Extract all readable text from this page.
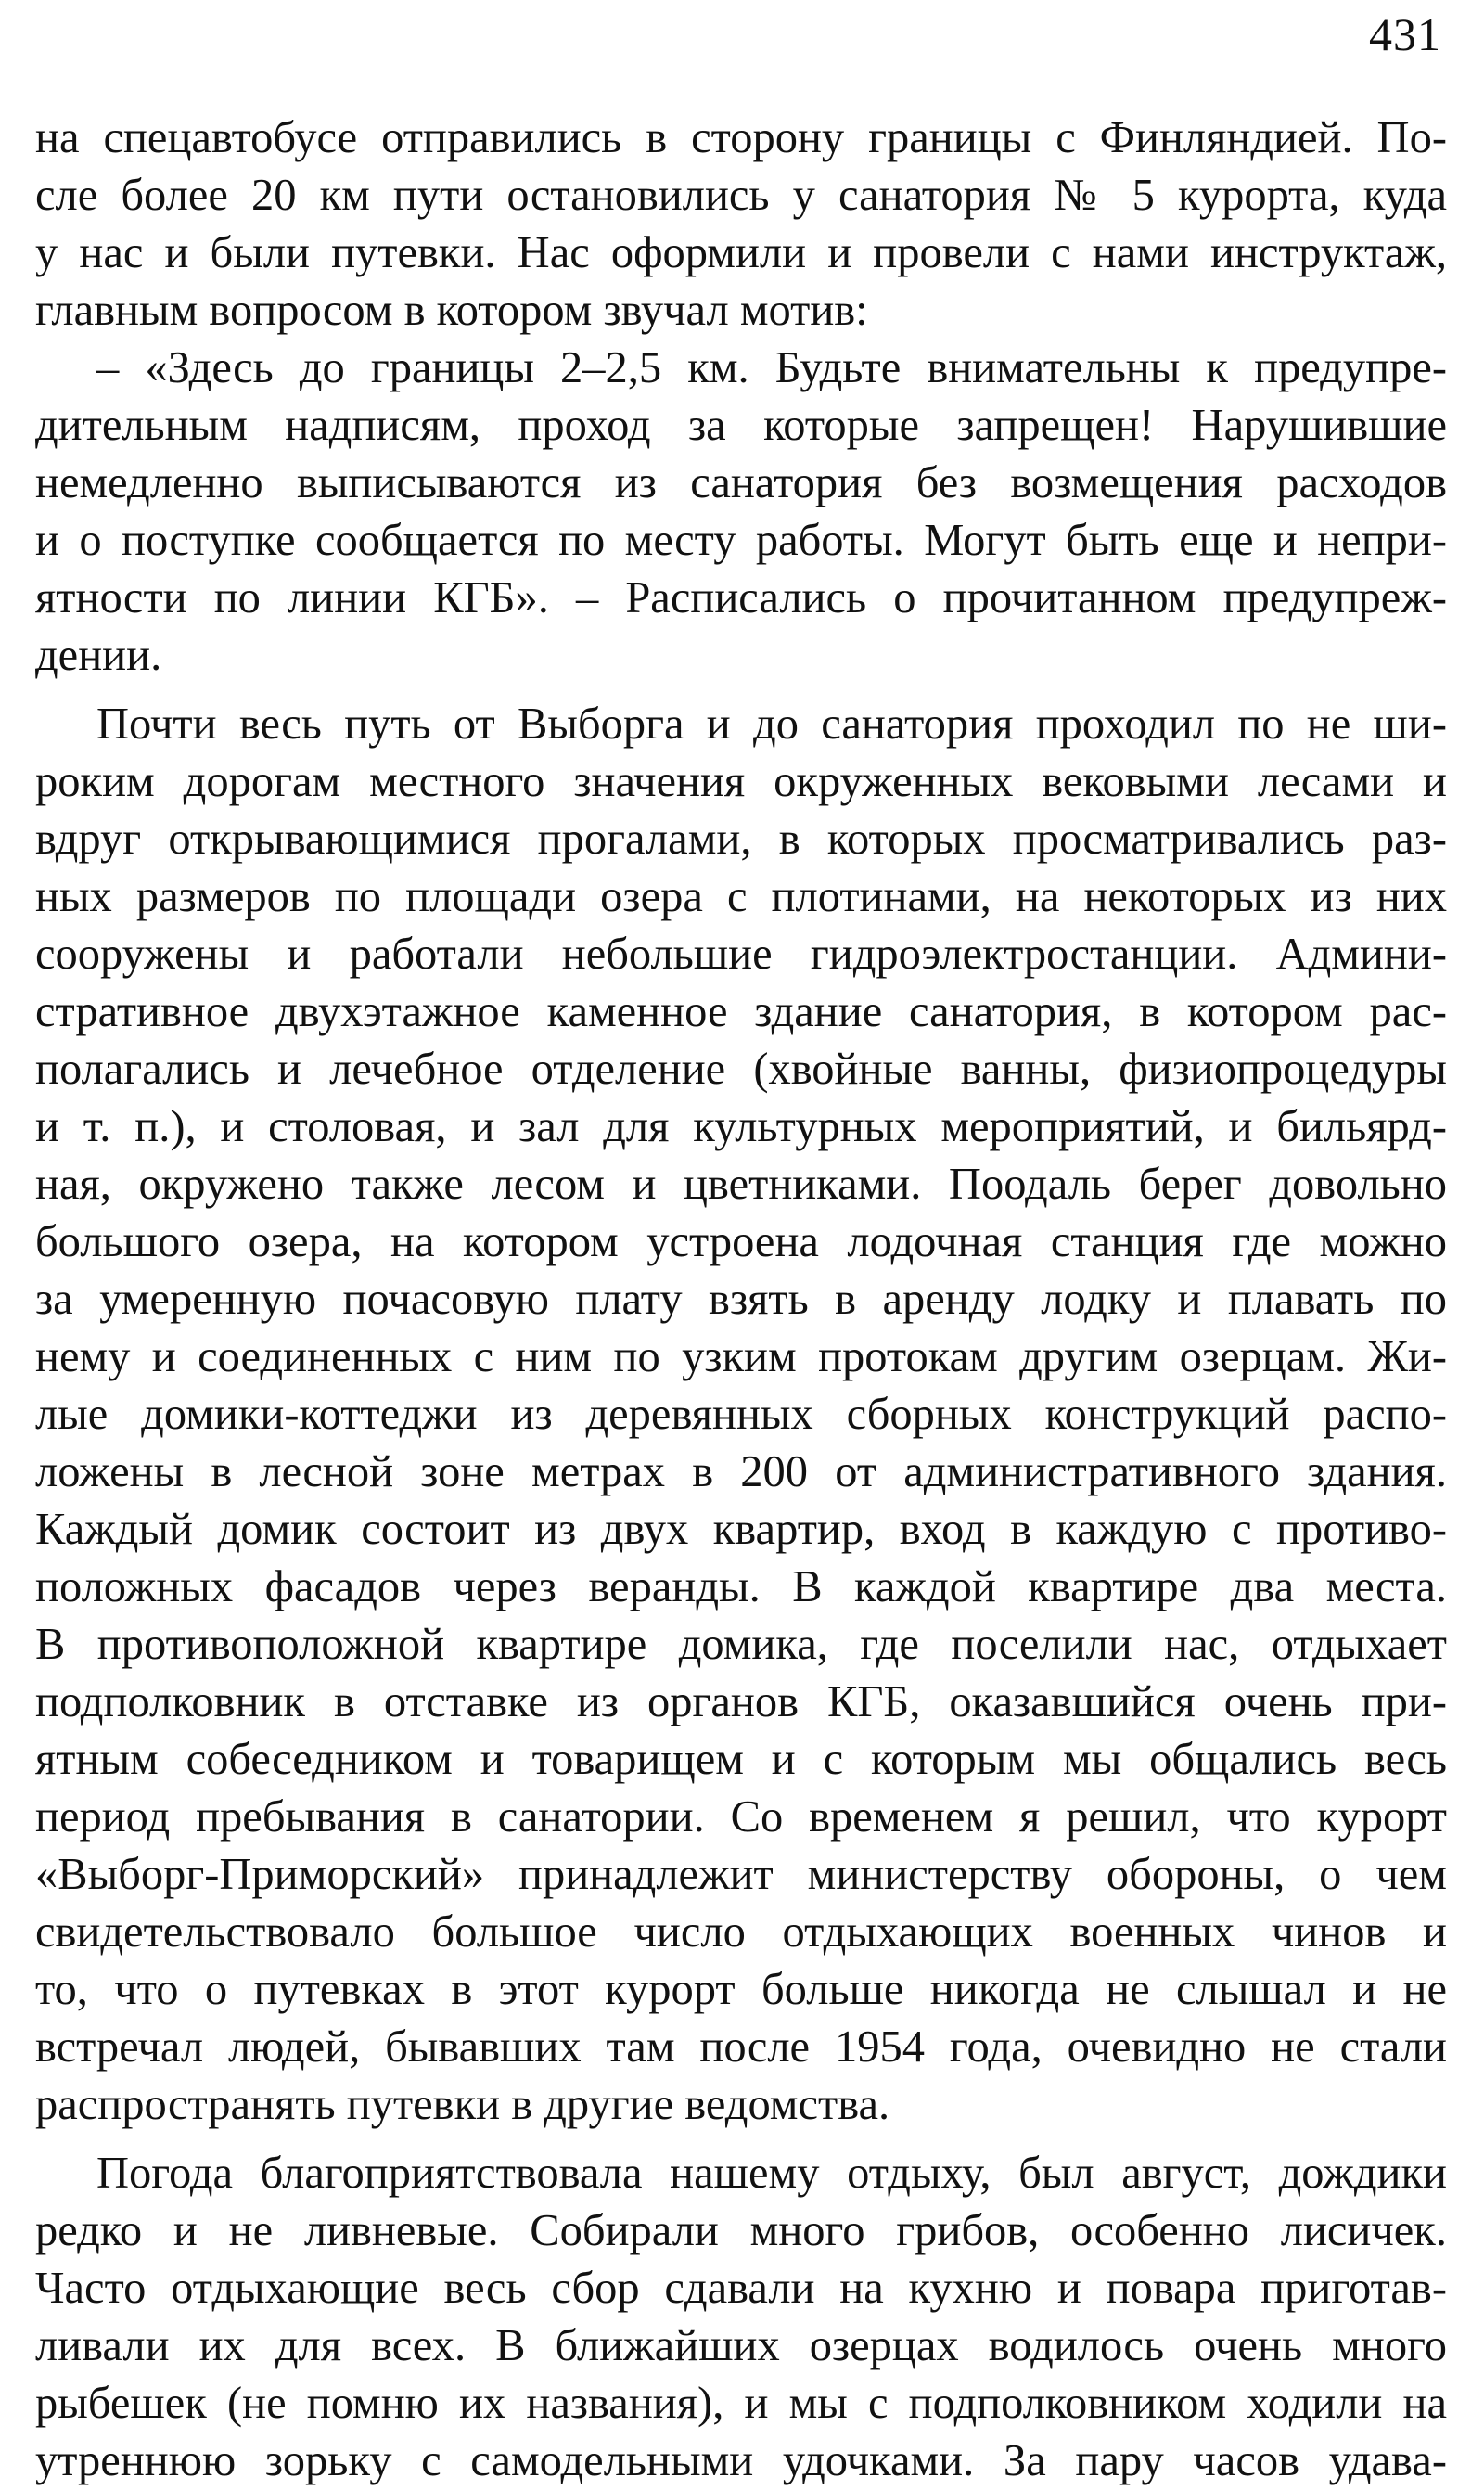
431
на спецавтобусе отправились в сторону границы с Финляндией. По-
сле более 20 км пути остановились у санатория № 5 курорта, куда
у нас и были путевки. Нас оформили и провели с нами инструктаж,
главным вопросом в котором звучал мотив:
– «Здесь до границы 2–2,5 км. Будьте внимательны к предупре-
дительным надписям, проход за которые запрещен! Нарушившие
немедленно выписываются из санатория без возмещения расходов
и о поступке сообщается по месту работы. Могут быть еще и непри-
ятности по линии КГБ». – Расписались о прочитанном предупреж-
дении.
Почти весь путь от Выборга и до санатория проходил по не ши-
роким дорогам местного значения окруженных вековыми лесами и
вдруг открывающимися прогалами, в которых просматривались раз-
ных размеров по площади озера с плотинами, на некоторых из них
сооружены и работали небольшие гидроэлектростанции. Админи-
стративное двухэтажное каменное здание санатория, в котором рас-
полагались и лечебное отделение (хвойные ванны, физиопроцедуры
и т. п.), и столовая, и зал для культурных мероприятий, и бильярд-
ная, окружено также лесом и цветниками. Поодаль берег довольно
большого озера, на котором устроена лодочная станция где можно
за умеренную почасовую плату взять в аренду лодку и плавать по
нему и соединенных с ним по узким протокам другим озерцам. Жи-
лые домики-коттеджи из деревянных сборных конструкций распо-
ложены в лесной зоне метрах в 200 от административного здания.
Каждый домик состоит из двух квартир, вход в каждую с противо-
положных фасадов через веранды. В каждой квартире два места.
В противоположной квартире домика, где поселили нас, отдыхает
подполковник в отставке из органов КГБ, оказавшийся очень при-
ятным собеседником и товарищем и с которым мы общались весь
период пребывания в санатории. Со временем я решил, что курорт
«Выборг-Приморский» принадлежит министерству обороны, о чем
свидетельствовало большое число отдыхающих военных чинов и
то, что о путевках в этот курорт больше никогда не слышал и не
встречал людей, бывавших там после 1954 года, очевидно не стали
распространять путевки в другие ведомства.
Погода благоприятствовала нашему отдыху, был август, дождики
редко и не ливневые. Собирали много грибов, особенно лисичек.
Часто отдыхающие весь сбор сдавали на кухню и повара приготав-
ливали их для всех. В ближайших озерцах водилось очень много
рыбешек (не помню их названия), и мы с подполковником ходили на
утреннюю зорьку с самодельными удочками. За пару часов удава-
